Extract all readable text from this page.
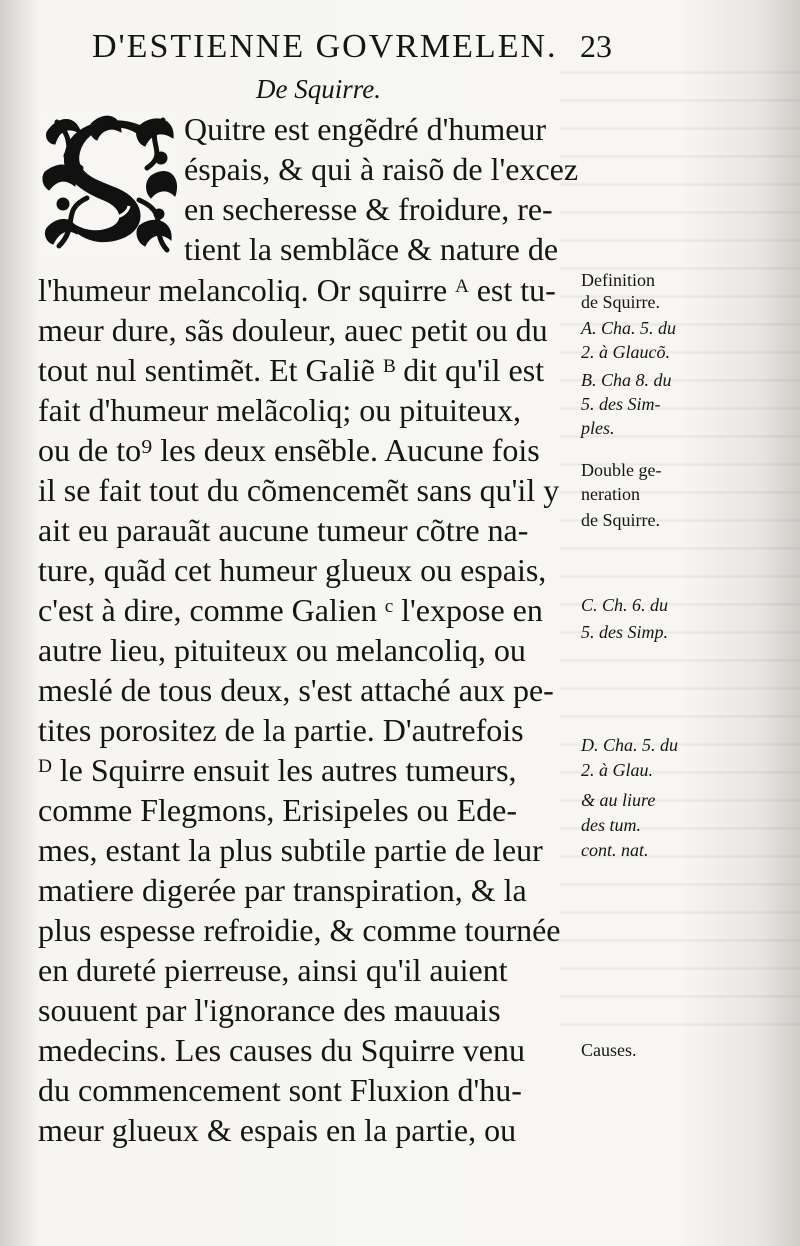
D'ESTIENNE GOVRMELEN. 23
De Squirre.
Quitre est engẽdré d'humeur
éspais, & qui à raisõ de l'excez
en secheresse & froidure, re-
tient la semblãce & nature de
l'humeur melancoliq. Or squirre ᴬ est tu-
meur dure, sãs douleur, auec petit ou du
tout nul sentimẽt. Et Galiẽ ᴮ dit qu'il est
fait d'humeur melãcoliq; ou pituiteux,
ou de to⁹ les deux ensẽble. Aucune fois
il se fait tout du cõmencemẽt sans qu'il y
ait eu parauãt aucune tumeur cõtre na-
ture, quãd cet humeur glueux ou espais,
c'est à dire, comme Galien ᶜ l'expose en
autre lieu, pituiteux ou melancoliq, ou
meslé de tous deux, s'est attaché aux pe-
tites porositez de la partie. D'autrefois
ᴰ le Squirre ensuit les autres tumeurs,
comme Flegmons, Erisipeles ou Ede-
mes, estant la plus subtile partie de leur
matiere digerée par transpiration, & la
plus espesse refroidie, & comme tournée
en dureté pierreuse, ainsi qu'il auient
souuent par l'ignorance des mauuais
medecins. Les causes du Squirre venu
du commencement sont Fluxion d'hu-
meur glueux & espais en la partie, ou
Definition
de Squirre.
A. Cha. 5. du
2. à Glaucõ.
B. Cha 8. du
5. des Sim-
ples.
Double ge-
neration
de Squirre.
C. Ch. 6. du
5. des Simp.
D. Cha. 5. du
2. à Glau.
& au liure
des tum.
cont. nat.
Causes.
